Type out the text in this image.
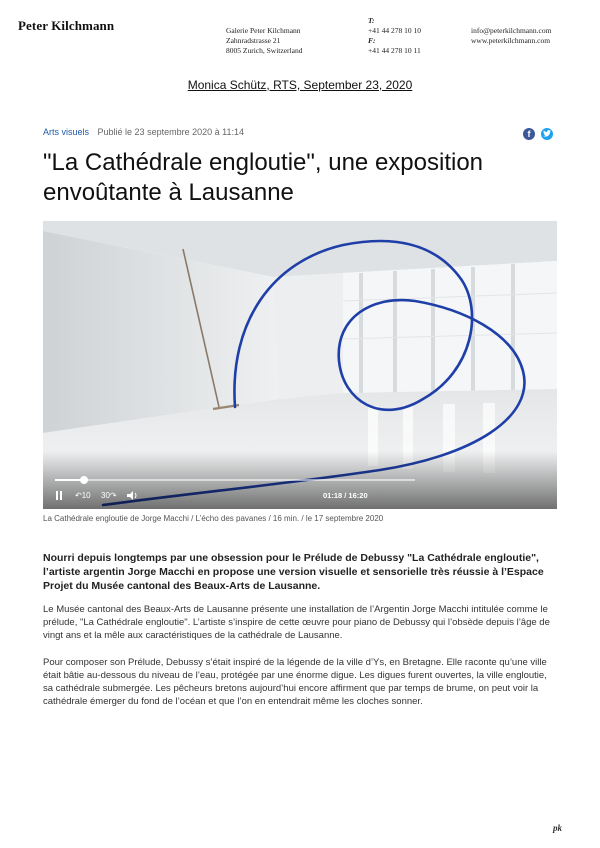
Peter Kilchmann	Galerie Peter Kilchmann
Zahnradstrasse 21
8005 Zurich, Switzerland
T:
+41 44 278 10 10
F:
+41 44 278 10 11
info@peterkilchmann.com
www.peterkilchmann.com
Monica Schütz, RTS, September 23, 2020
Arts visuels Publié le 23 septembre 2020 à 11:14	f
"La Cathédrale engloutie", une exposition envoûtante à Lausanne
↶10 30↷	01:18 / 16:20
La Cathédrale engloutie de Jorge Macchi / L’écho des pavanes / 16 min. / le 17 septembre 2020

Nourri depuis longtemps par une obsession pour le Prélude de Debussy "La Cathédrale engloutie", l’artiste argentin Jorge Macchi en propose une version visuelle et sensorielle très réussie à l’Espace Projet du Musée cantonal des Beaux-Arts de Lausanne.

Le Musée cantonal des Beaux-Arts de Lausanne présente une installation de l’Argentin Jorge Macchi intitulée comme le prélude, "La Cathédrale engloutie". L’artiste s’inspire de cette œuvre pour piano de Debussy qui l’obsède depuis l’âge de vingt ans et la mêle aux caractéristiques de la cathédrale de Lausanne.

Pour composer son Prélude, Debussy s’était inspiré de la légende de la ville d’Ys, en Bretagne. Elle raconte qu’une ville était bâtie au-dessous du niveau de l’eau, protégée par une énorme digue. Les digues furent ouvertes, la ville engloutie, sa cathédrale submergée. Les pêcheurs bretons aujourd’hui encore affirment que par temps de brume, on peut voir la cathédrale émerger du fond de l’océan et que l’on en entendrait même les cloches sonner.

pk
